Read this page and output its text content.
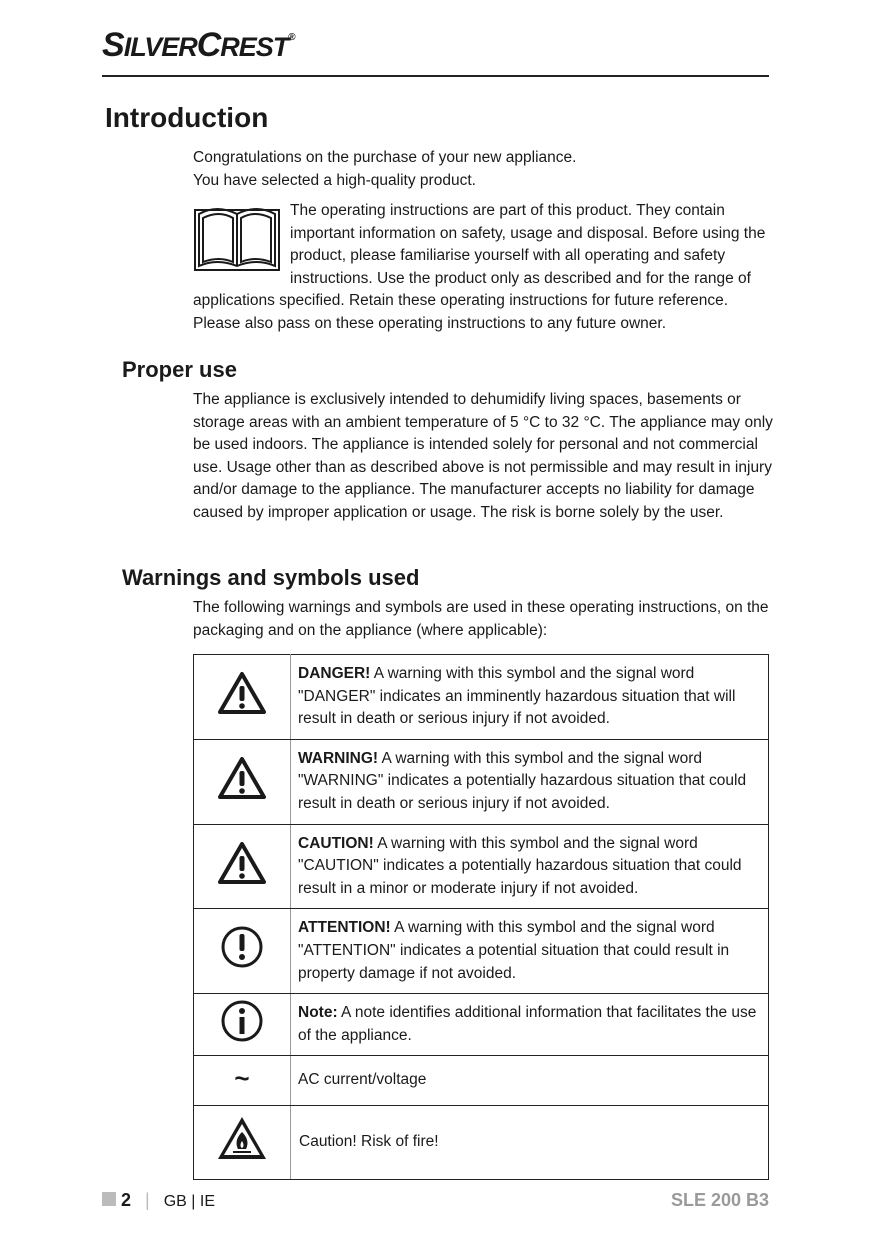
SILVERCREST®
Introduction
Congratulations on the purchase of your new appliance.
You have selected a high-quality product.
The operating instructions are part of this product. They contain important information on safety, usage and disposal. Before using the product, please familiarise yourself with all operating and safety instructions. Use the product only as described and for the range of applications specified. Retain these operating instructions for future reference. Please also pass on these operating instructions to any future owner.
Proper use
The appliance is exclusively intended to dehumidify living spaces, basements or storage areas with an ambient temperature of 5 °C to 32 °C. The appliance may only be used indoors. The appliance is intended solely for personal and not commercial use. Usage other than as described above is not permissible and may result in injury and/or damage to the appliance. The manufacturer accepts no liability for damage caused by improper application or usage. The risk is borne solely by the user.
Warnings and symbols used
The following warnings and symbols are used in these operating instructions, on the packaging and on the appliance (where applicable):
	DANGER! A warning with this symbol and the signal word "DANGER" indicates an imminently hazardous situation that will result in death or serious injury if not avoided.
	WARNING! A warning with this symbol and the signal word "WARNING" indicates a potentially hazardous situation that could result in death or serious injury if not avoided.
	CAUTION! A warning with this symbol and the signal word "CAUTION" indicates a potentially hazardous situation that could result in a minor or moderate injury if not avoided.
	ATTENTION! A warning with this symbol and the signal word "ATTENTION" indicates a potential situation that could result in property damage if not avoided.
	Note: A note identifies additional information that facilitates the use of the appliance.
~	AC current/voltage
	Caution! Risk of fire!
2 | GB | IE	SLE 200 B3
